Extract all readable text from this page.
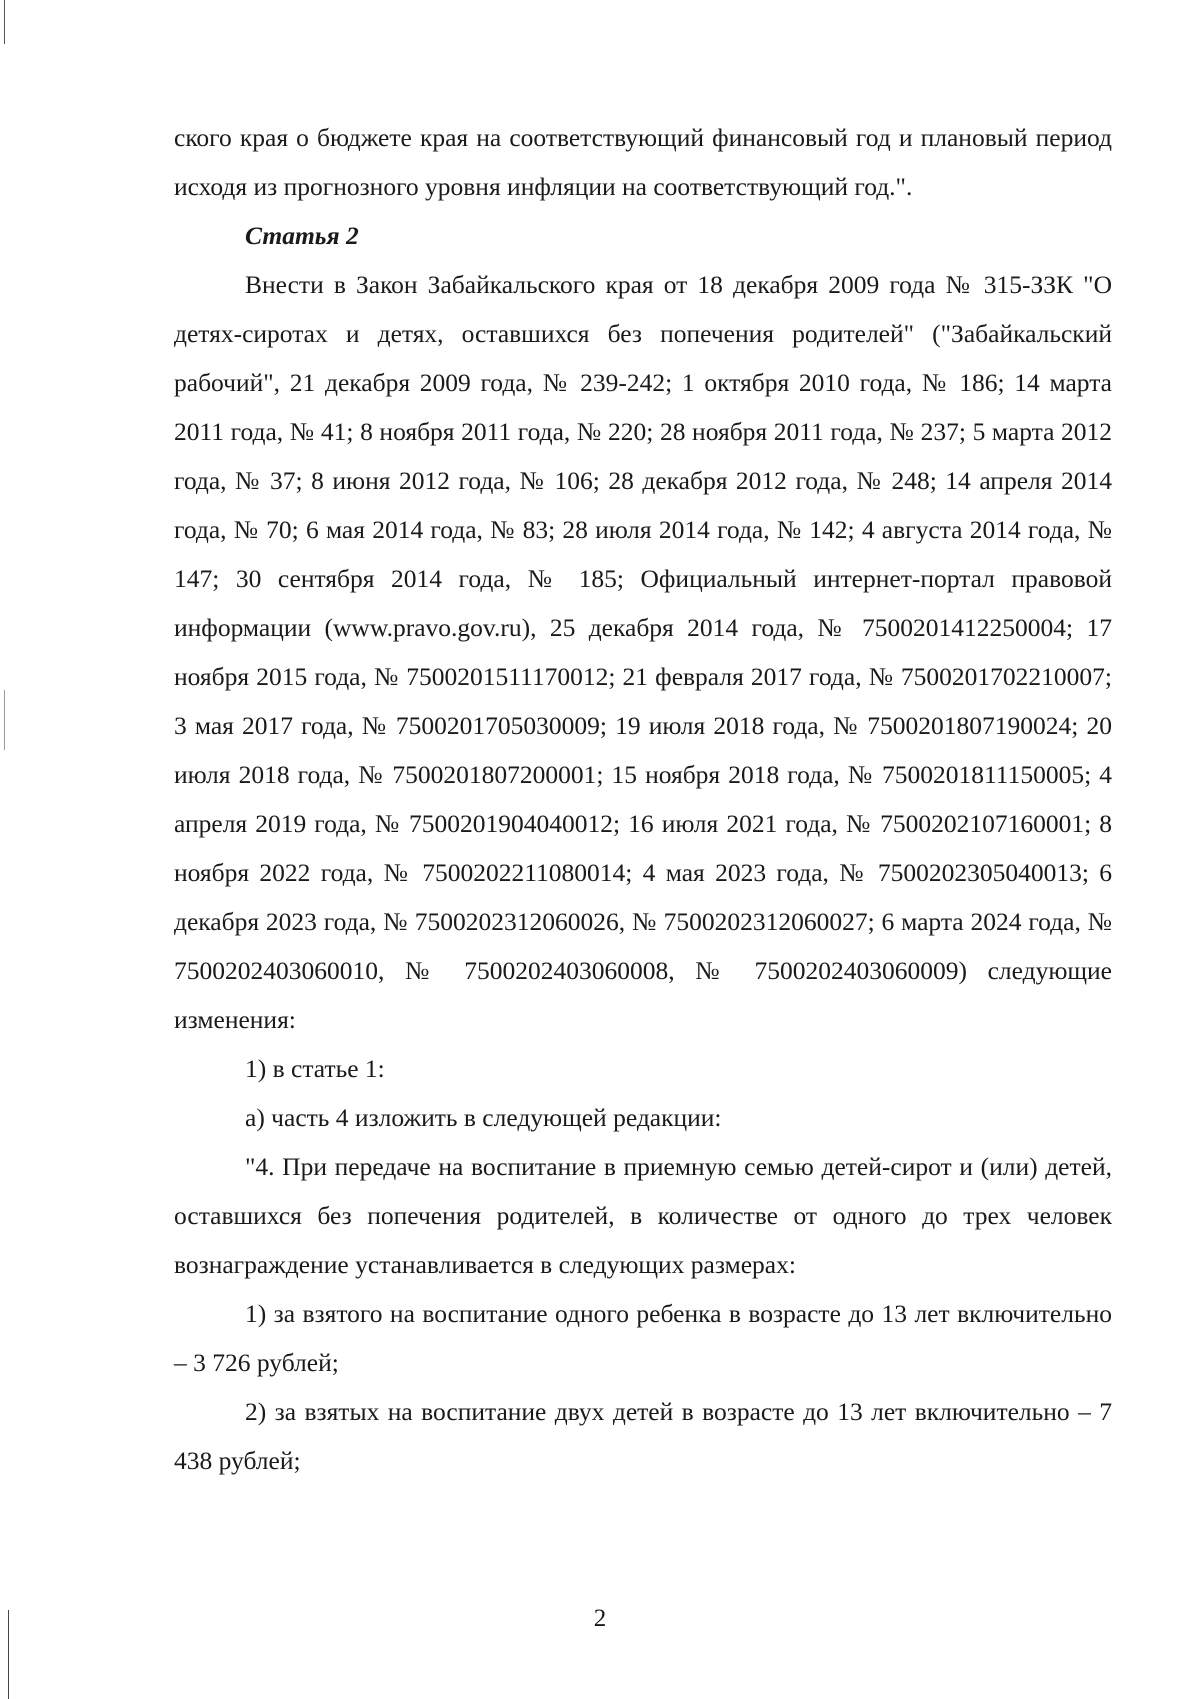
ского края о бюджете края на соответствующий финансовый год и плановый период исходя из прогнозного уровня инфляции на соответствующий год.".

Статья 2

Внести в Закон Забайкальского края от 18 декабря 2009 года № 315-ЗЗК "О детях-сиротах и детях, оставшихся без попечения родителей" ("Забайкальский рабочий", 21 декабря 2009 года, № 239-242; 1 октября 2010 года, № 186; 14 марта 2011 года, № 41; 8 ноября 2011 года, № 220; 28 ноября 2011 года, № 237; 5 марта 2012 года, № 37; 8 июня 2012 года, № 106; 28 декабря 2012 года, № 248; 14 апреля 2014 года, № 70; 6 мая 2014 года, № 83; 28 июля 2014 года, № 142; 4 августа 2014 года, № 147; 30 сентября 2014 года, № 185; Официальный интернет-портал правовой информации (www.pravo.gov.ru), 25 декабря 2014 года, № 7500201412250004; 17 ноября 2015 года, № 7500201511170012; 21 февраля 2017 года, № 7500201702210007; 3 мая 2017 года, № 7500201705030009; 19 июля 2018 года, № 7500201807190024; 20 июля 2018 года, № 7500201807200001; 15 ноября 2018 года, № 7500201811150005; 4 апреля 2019 года, № 7500201904040012; 16 июля 2021 года, № 7500202107160001; 8 ноября 2022 года, № 7500202211080014; 4 мая 2023 года, № 7500202305040013; 6 декабря 2023 года, № 7500202312060026, № 7500202312060027; 6 марта 2024 года, № 7500202403060010, № 7500202403060008, № 7500202403060009) следующие изменения:

1) в статье 1:

а) часть 4 изложить в следующей редакции:

"4. При передаче на воспитание в приемную семью детей-сирот и (или) детей, оставшихся без попечения родителей, в количестве от одного до трех человек вознаграждение устанавливается в следующих размерах:

1) за взятого на воспитание одного ребенка в возрасте до 13 лет включительно – 3 726 рублей;

2) за взятых на воспитание двух детей в возрасте до 13 лет включительно – 7 438 рублей;

2
